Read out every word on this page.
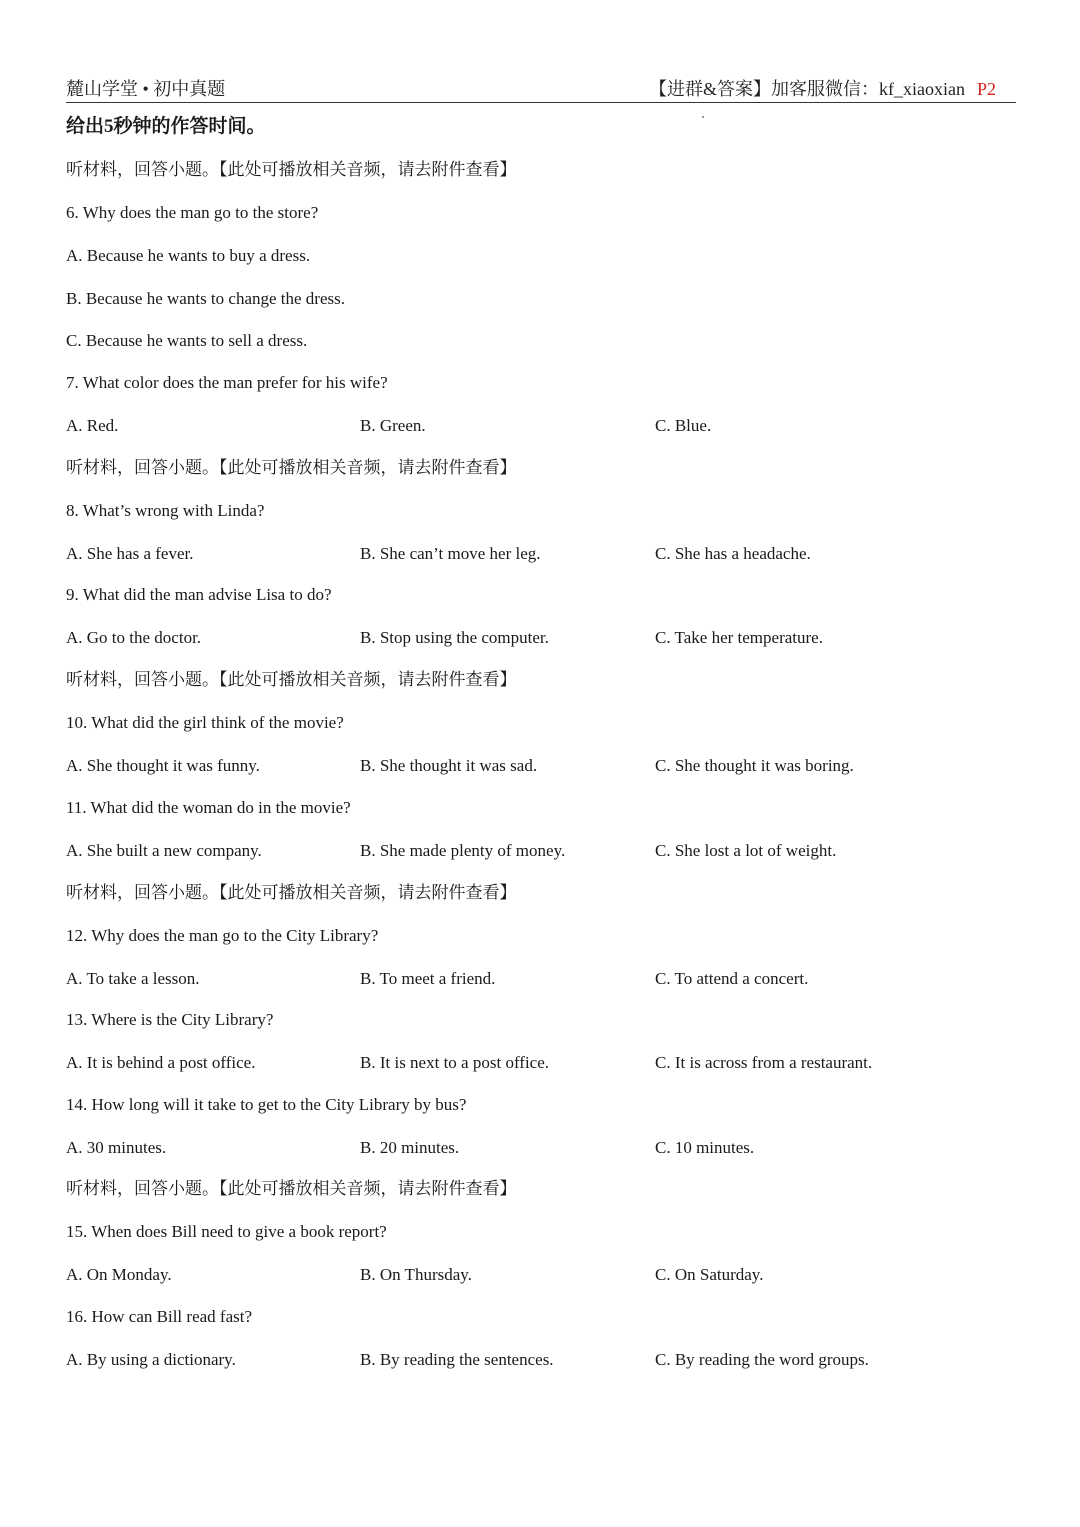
麓山学堂 • 初中真题	【进群&答案】加客服微信：kf_xiaoxian P2
给出5秒钟的作答时间。
听材料，回答小题。【此处可播放相关音频，请去附件查看】
6. Why does the man go to the store?
A. Because he wants to buy a dress.
B. Because he wants to change the dress.
C. Because he wants to sell a dress.
7. What color does the man prefer for his wife?
A. Red.	B. Green.	C. Blue.
听材料，回答小题。【此处可播放相关音频，请去附件查看】
8. What’s wrong with Linda?
A. She has a fever.	B. She can’t move her leg.	C. She has a headache.
9. What did the man advise Lisa to do?
A. Go to the doctor.	B. Stop using the computer.	C. Take her temperature.
听材料，回答小题。【此处可播放相关音频，请去附件查看】
10. What did the girl think of the movie?
A. She thought it was funny.	B. She thought it was sad.	C. She thought it was boring.
11. What did the woman do in the movie?
A. She built a new company.	B. She made plenty of money.	C. She lost a lot of weight.
听材料，回答小题。【此处可播放相关音频，请去附件查看】
12. Why does the man go to the City Library?
A. To take a lesson.	B. To meet a friend.	C. To attend a concert.
13. Where is the City Library?
A. It is behind a post office.	B. It is next to a post office.	C. It is across from a restaurant.
14. How long will it take to get to the City Library by bus?
A. 30 minutes.	B. 20 minutes.	C. 10 minutes.
听材料，回答小题。【此处可播放相关音频，请去附件查看】
15. When does Bill need to give a book report?
A. On Monday.	B. On Thursday.	C. On Saturday.
16. How can Bill read fast?
A. By using a dictionary.	B. By reading the sentences.	C. By reading the word groups.
